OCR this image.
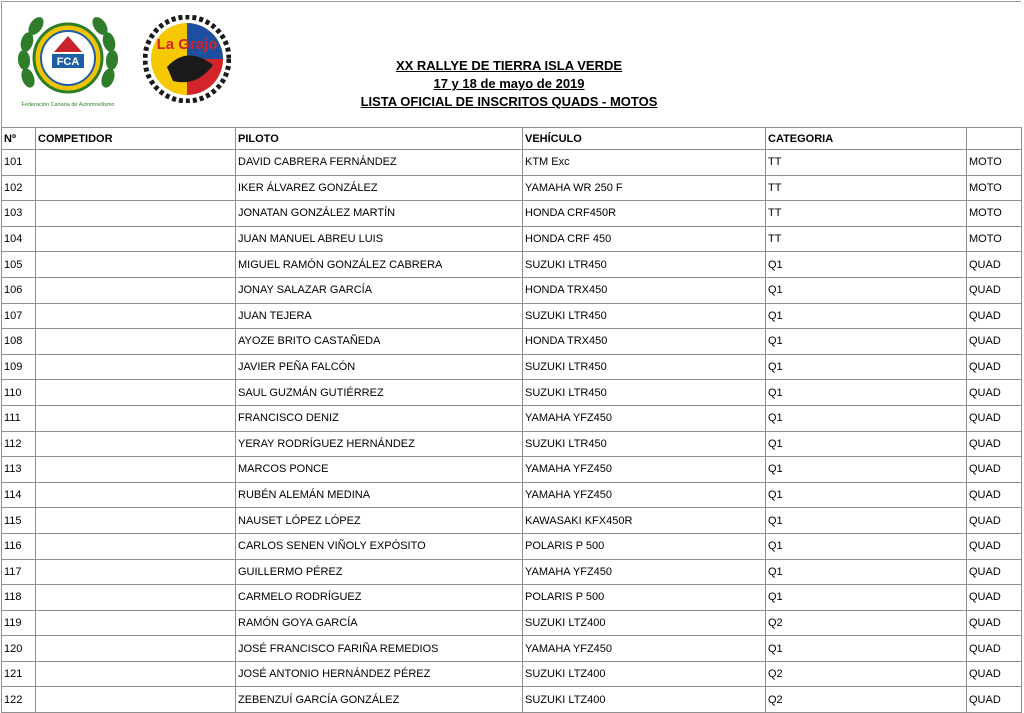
FCA
Federación Canaria de Automovilismo
La Grajo
XX RALLYE DE TIERRA ISLA VERDE
17 y 18 de mayo de 2019
LISTA OFICIAL DE INSCRITOS QUADS - MOTOS
Nº	COMPETIDOR	PILOTO	VEHÍCULO	CATEGORIA	
101		DAVID CABRERA FERNÁNDEZ	KTM Exc	TT	MOTO
102		IKER ÁLVAREZ GONZÁLEZ	YAMAHA WR 250 F	TT	MOTO
103		JONATAN GONZÁLEZ MARTÍN	HONDA CRF450R	TT	MOTO
104		JUAN MANUEL ABREU LUIS	HONDA CRF 450	TT	MOTO
105		MIGUEL RAMÓN GONZÁLEZ CABRERA	SUZUKI LTR450	Q1	QUAD
106		JONAY SALAZAR GARCÍA	HONDA TRX450	Q1	QUAD
107		JUAN TEJERA	SUZUKI LTR450	Q1	QUAD
108		AYOZE BRITO CASTAÑEDA	HONDA TRX450	Q1	QUAD
109		JAVIER PEÑA FALCÓN	SUZUKI LTR450	Q1	QUAD
110		SAUL GUZMÁN GUTIÉRREZ	SUZUKI LTR450	Q1	QUAD
111		FRANCISCO DENIZ	YAMAHA YFZ450	Q1	QUAD
112		YERAY RODRÍGUEZ HERNÁNDEZ	SUZUKI LTR450	Q1	QUAD
113		MARCOS PONCE	YAMAHA YFZ450	Q1	QUAD
114		RUBÉN ALEMÁN MEDINA	YAMAHA YFZ450	Q1	QUAD
115		NAUSET LÓPEZ LÓPEZ	KAWASAKI KFX450R	Q1	QUAD
116		CARLOS SENEN VIÑOLY EXPÓSITO	POLARIS P 500	Q1	QUAD
117		GUILLERMO PÉREZ	YAMAHA YFZ450	Q1	QUAD
118		CARMELO RODRÍGUEZ	POLARIS P 500	Q1	QUAD
119		RAMÓN GOYA GARCÍA	SUZUKI LTZ400	Q2	QUAD
120		JOSÉ FRANCISCO FARIÑA REMEDIOS	YAMAHA YFZ450	Q1	QUAD
121		JOSÉ ANTONIO HERNÁNDEZ PÉREZ	SUZUKI LTZ400	Q2	QUAD
122		ZEBENZUÍ GARCÍA GONZÁLEZ	SUZUKI LTZ400	Q2	QUAD
